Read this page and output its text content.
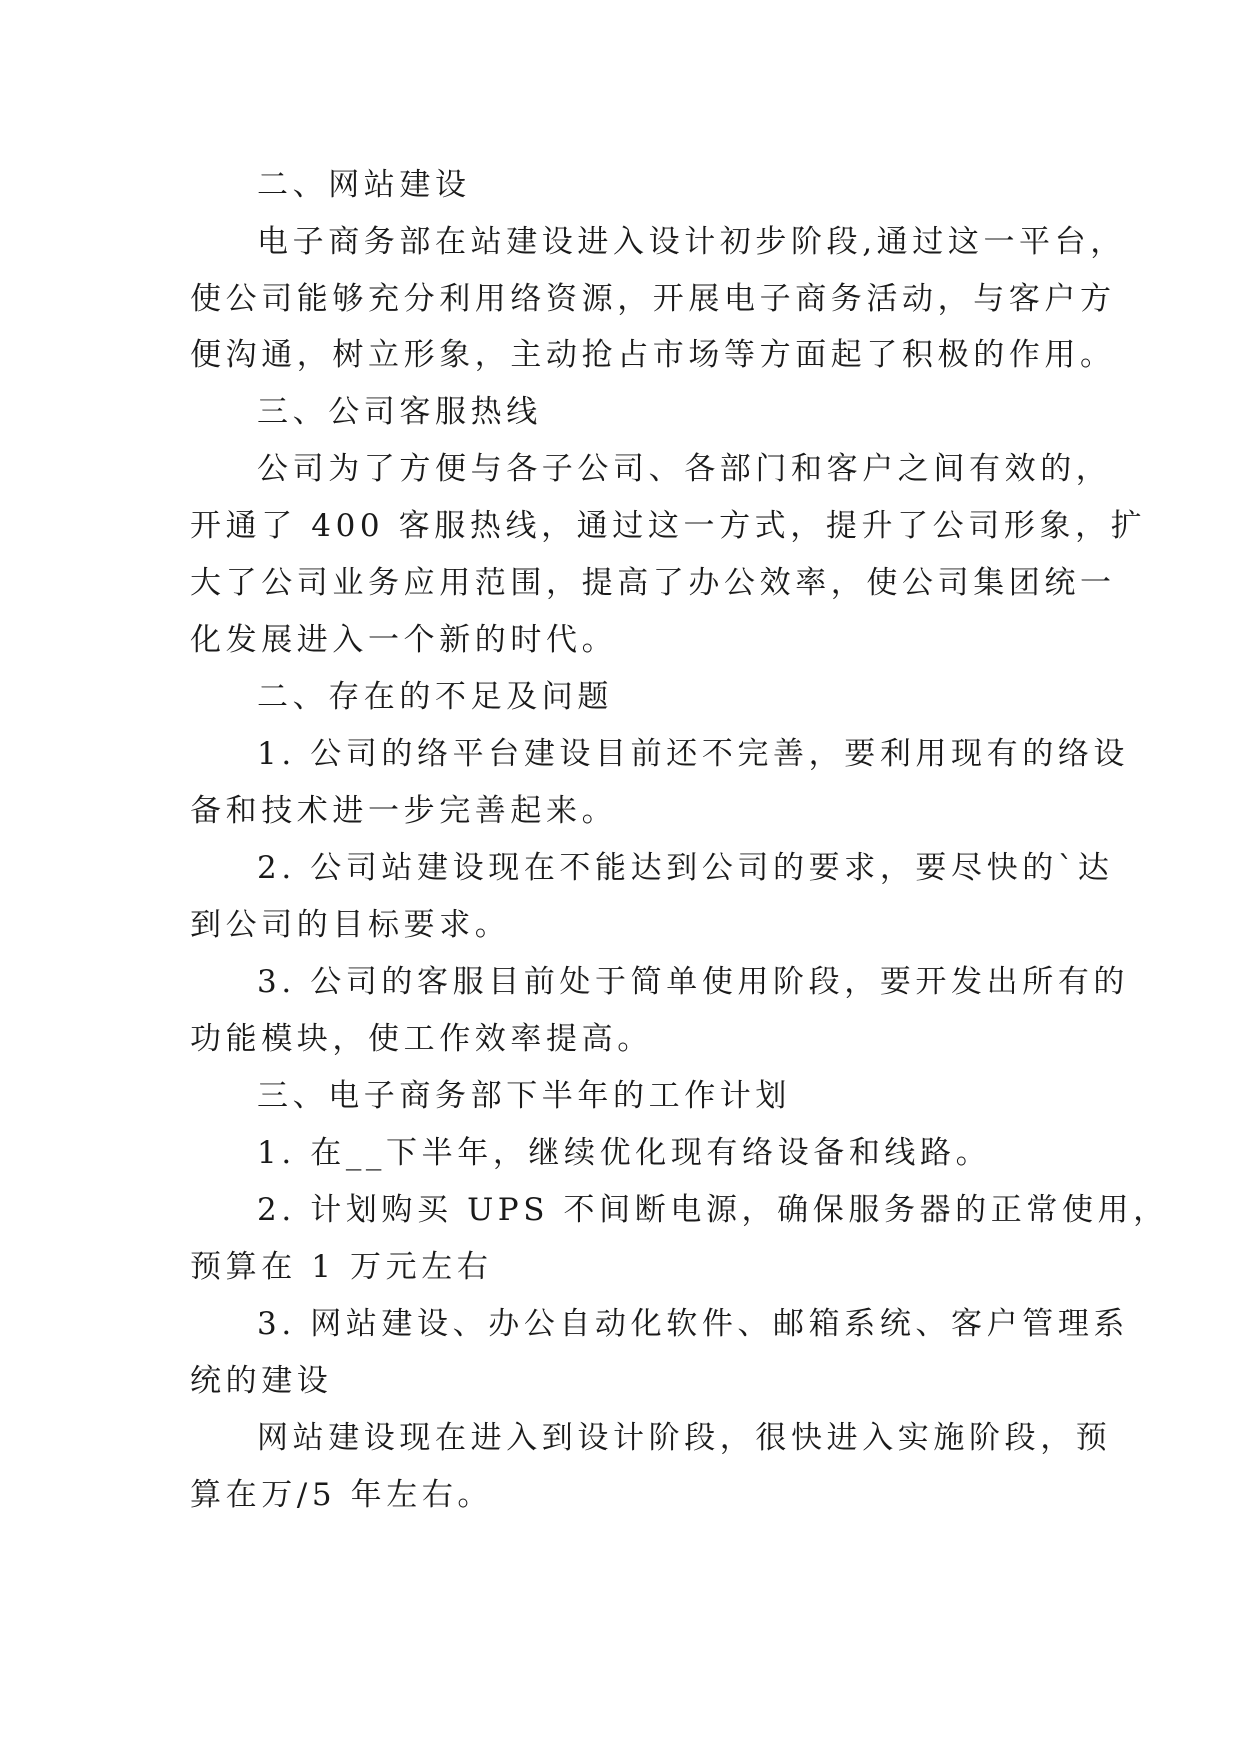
二、网站建设
电子商务部在站建设进入设计初步阶段,通过这一平台，
使公司能够充分利用络资源，开展电子商务活动，与客户方
便沟通，树立形象，主动抢占市场等方面起了积极的作用。
三、公司客服热线
公司为了方便与各子公司、各部门和客户之间有效的，
开通了 400 客服热线，通过这一方式，提升了公司形象，扩
大了公司业务应用范围，提高了办公效率，使公司集团统一
化发展进入一个新的时代。
二、存在的不足及问题
1. 公司的络平台建设目前还不完善，要利用现有的络设
备和技术进一步完善起来。
2. 公司站建设现在不能达到公司的要求，要尽快的`达
到公司的目标要求。
3. 公司的客服目前处于简单使用阶段，要开发出所有的
功能模块，使工作效率提高。
三、电子商务部下半年的工作计划
1. 在__下半年，继续优化现有络设备和线路。
2. 计划购买 UPS 不间断电源，确保服务器的正常使用，
预算在 1 万元左右
3. 网站建设、办公自动化软件、邮箱系统、客户管理系
统的建设
网站建设现在进入到设计阶段，很快进入实施阶段，预
算在万/5 年左右。
